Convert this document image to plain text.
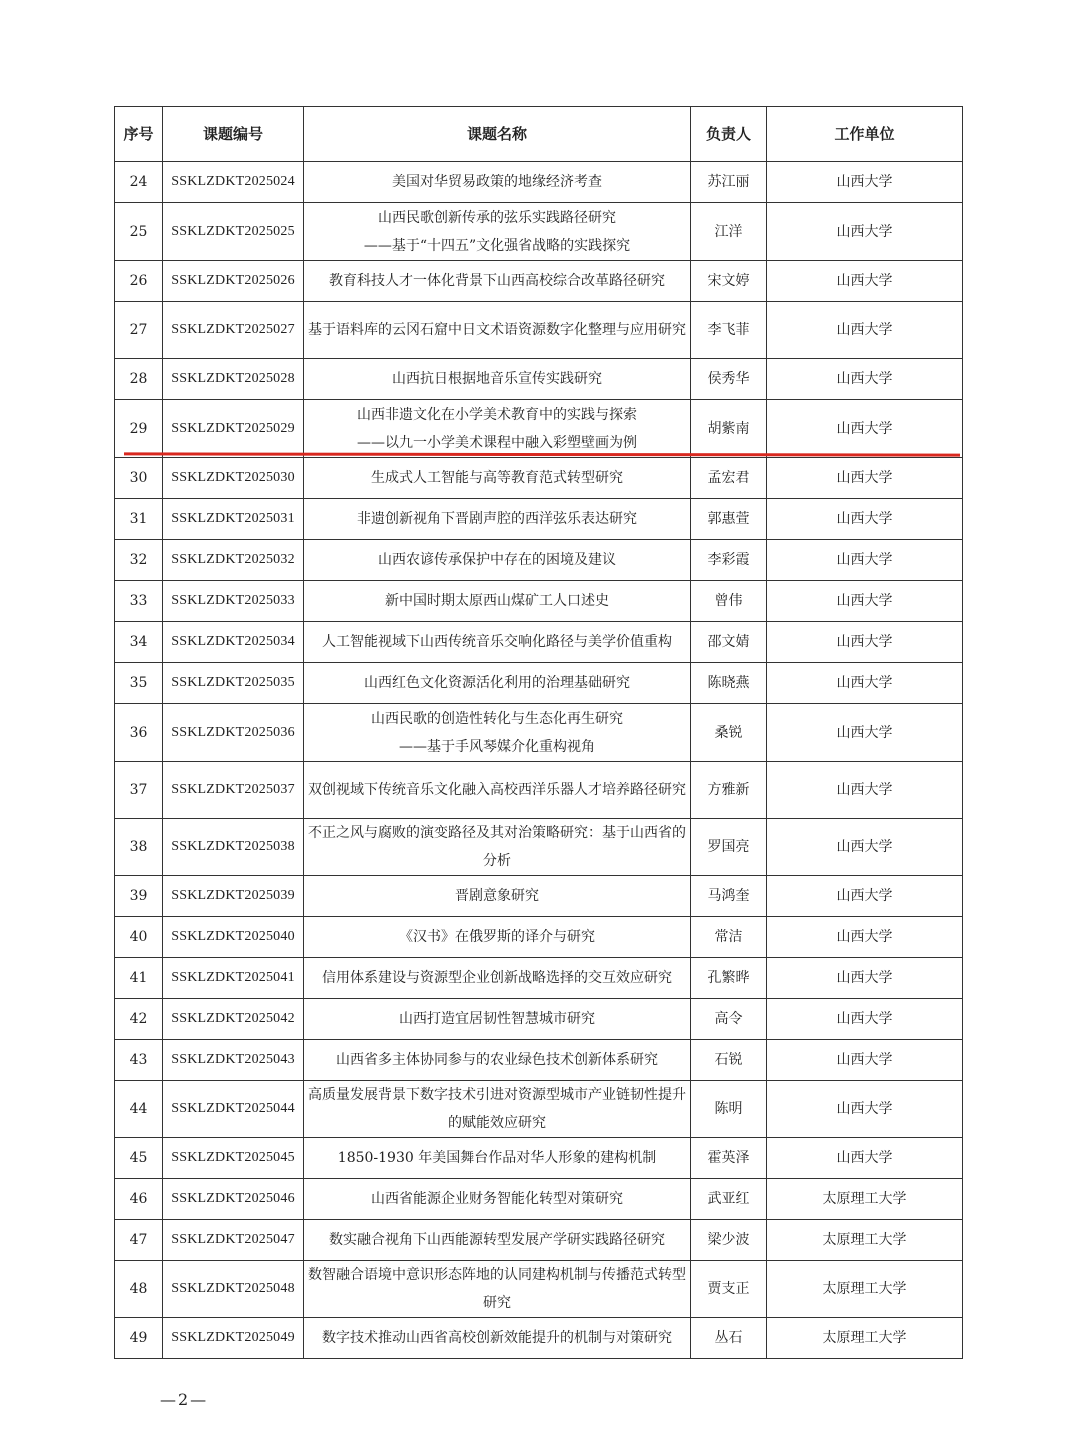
序号	课题编号	课题名称	负责人	工作单位
24	SSKLZDKT2025024	美国对华贸易政策的地缘经济考查	苏江丽	山西大学
25	SSKLZDKT2025025	山西民歌创新传承的弦乐实践路径研究
——基于“十四五”文化强省战略的实践探究	江洋	山西大学
26	SSKLZDKT2025026	教育科技人才一体化背景下山西高校综合改革路径研究	宋文婷	山西大学
27	SSKLZDKT2025027	基于语料库的云冈石窟中日文术语资源数字化整理与应用研究	李飞菲	山西大学
28	SSKLZDKT2025028	山西抗日根据地音乐宣传实践研究	侯秀华	山西大学
29	SSKLZDKT2025029	山西非遗文化在小学美术教育中的实践与探索
——以九一小学美术课程中融入彩塑壁画为例	胡紫南	山西大学
30	SSKLZDKT2025030	生成式人工智能与高等教育范式转型研究	孟宏君	山西大学
31	SSKLZDKT2025031	非遗创新视角下晋剧声腔的西洋弦乐表达研究	郭惠萱	山西大学
32	SSKLZDKT2025032	山西农谚传承保护中存在的困境及建议	李彩霞	山西大学
33	SSKLZDKT2025033	新中国时期太原西山煤矿工人口述史	曾伟	山西大学
34	SSKLZDKT2025034	人工智能视域下山西传统音乐交响化路径与美学价值重构	邵文婧	山西大学
35	SSKLZDKT2025035	山西红色文化资源活化利用的治理基础研究	陈晓燕	山西大学
36	SSKLZDKT2025036	山西民歌的创造性转化与生态化再生研究
——基于手风琴媒介化重构视角	桑锐	山西大学
37	SSKLZDKT2025037	双创视域下传统音乐文化融入高校西洋乐器人才培养路径研究	方雅新	山西大学
38	SSKLZDKT2025038	不正之风与腐败的演变路径及其对治策略研究：基于山西省的分析	罗国亮	山西大学
39	SSKLZDKT2025039	晋剧意象研究	马鸿奎	山西大学
40	SSKLZDKT2025040	《汉书》在俄罗斯的译介与研究	常洁	山西大学
41	SSKLZDKT2025041	信用体系建设与资源型企业创新战略选择的交互效应研究	孔繁晔	山西大学
42	SSKLZDKT2025042	山西打造宜居韧性智慧城市研究	高令	山西大学
43	SSKLZDKT2025043	山西省多主体协同参与的农业绿色技术创新体系研究	石锐	山西大学
44	SSKLZDKT2025044	高质量发展背景下数字技术引进对资源型城市产业链韧性提升的赋能效应研究	陈明	山西大学
45	SSKLZDKT2025045	1850-1930 年美国舞台作品对华人形象的建构机制	霍英泽	山西大学
46	SSKLZDKT2025046	山西省能源企业财务智能化转型对策研究	武亚红	太原理工大学
47	SSKLZDKT2025047	数实融合视角下山西能源转型发展产学研实践路径研究	梁少波	太原理工大学
48	SSKLZDKT2025048	数智融合语境中意识形态阵地的认同建构机制与传播范式转型研究	贾支正	太原理工大学
49	SSKLZDKT2025049	数字技术推动山西省高校创新效能提升的机制与对策研究	丛石	太原理工大学
—2—
